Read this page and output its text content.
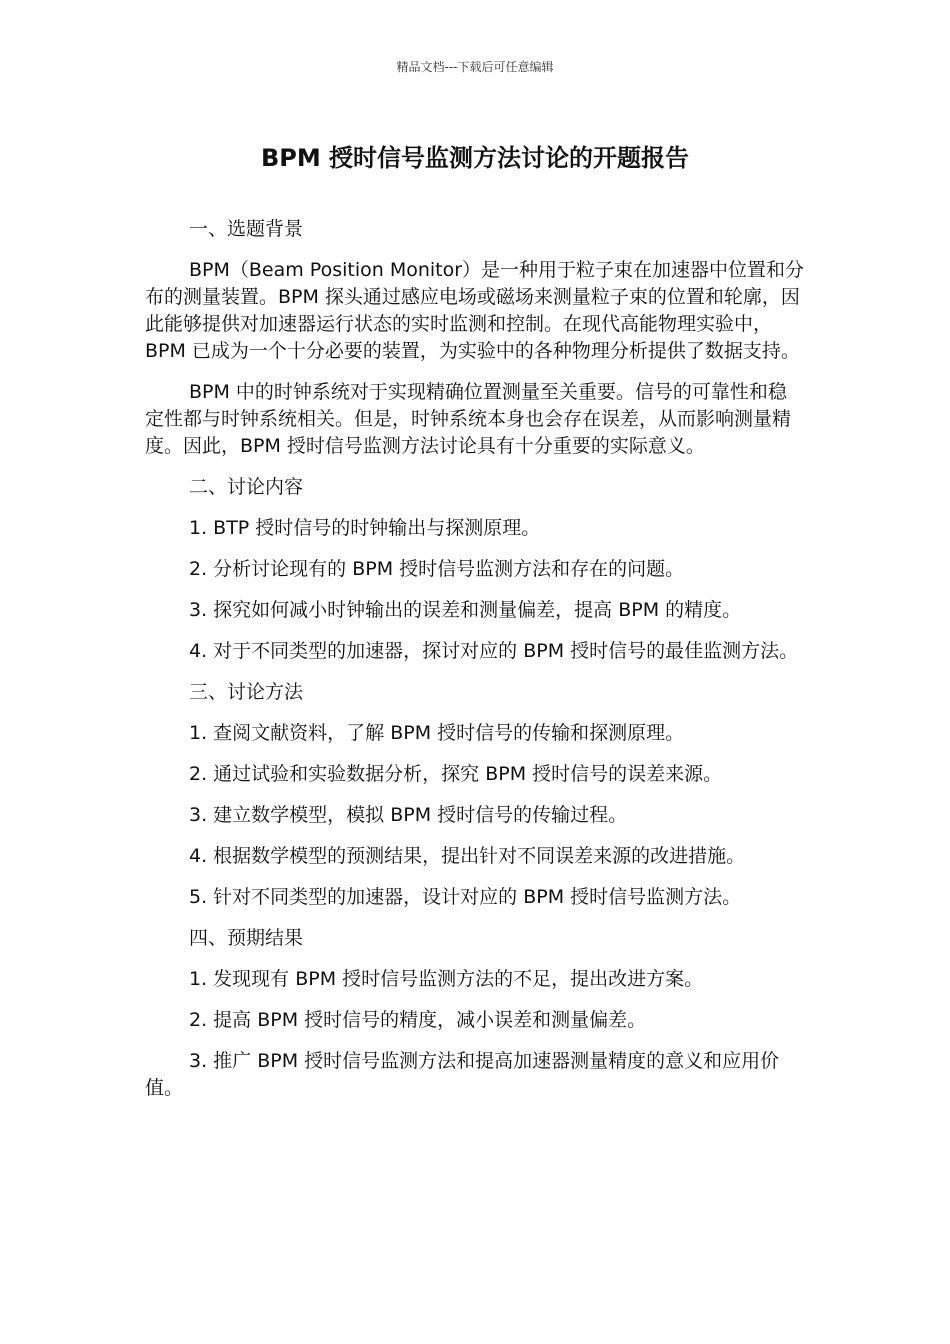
精品文档---下载后可任意编辑
BPM 授时信号监测方法讨论的开题报告

一、选题背景

BPM（Beam Position Monitor）是一种用于粒子束在加速器中位置和分布的测量装置。BPM 探头通过感应电场或磁场来测量粒子束的位置和轮廓，因此能够提供对加速器运行状态的实时监测和控制。在现代高能物理实验中，BPM 已成为一个十分必要的装置，为实验中的各种物理分析提供了数据支持。

BPM 中的时钟系统对于实现精确位置测量至关重要。信号的可靠性和稳定性都与时钟系统相关。但是，时钟系统本身也会存在误差，从而影响测量精度。因此，BPM 授时信号监测方法讨论具有十分重要的实际意义。

二、讨论内容

1. BTP 授时信号的时钟输出与探测原理。

2. 分析讨论现有的 BPM 授时信号监测方法和存在的问题。

3. 探究如何减小时钟输出的误差和测量偏差，提高 BPM 的精度。

4. 对于不同类型的加速器，探讨对应的 BPM 授时信号的最佳监测方法。

三、讨论方法

1. 查阅文献资料，了解 BPM 授时信号的传输和探测原理。

2. 通过试验和实验数据分析，探究 BPM 授时信号的误差来源。

3. 建立数学模型，模拟 BPM 授时信号的传输过程。

4. 根据数学模型的预测结果，提出针对不同误差来源的改进措施。

5. 针对不同类型的加速器，设计对应的 BPM 授时信号监测方法。

四、预期结果

1. 发现现有 BPM 授时信号监测方法的不足，提出改进方案。

2. 提高 BPM 授时信号的精度，减小误差和测量偏差。

3. 推广 BPM 授时信号监测方法和提高加速器测量精度的意义和应用价值。
